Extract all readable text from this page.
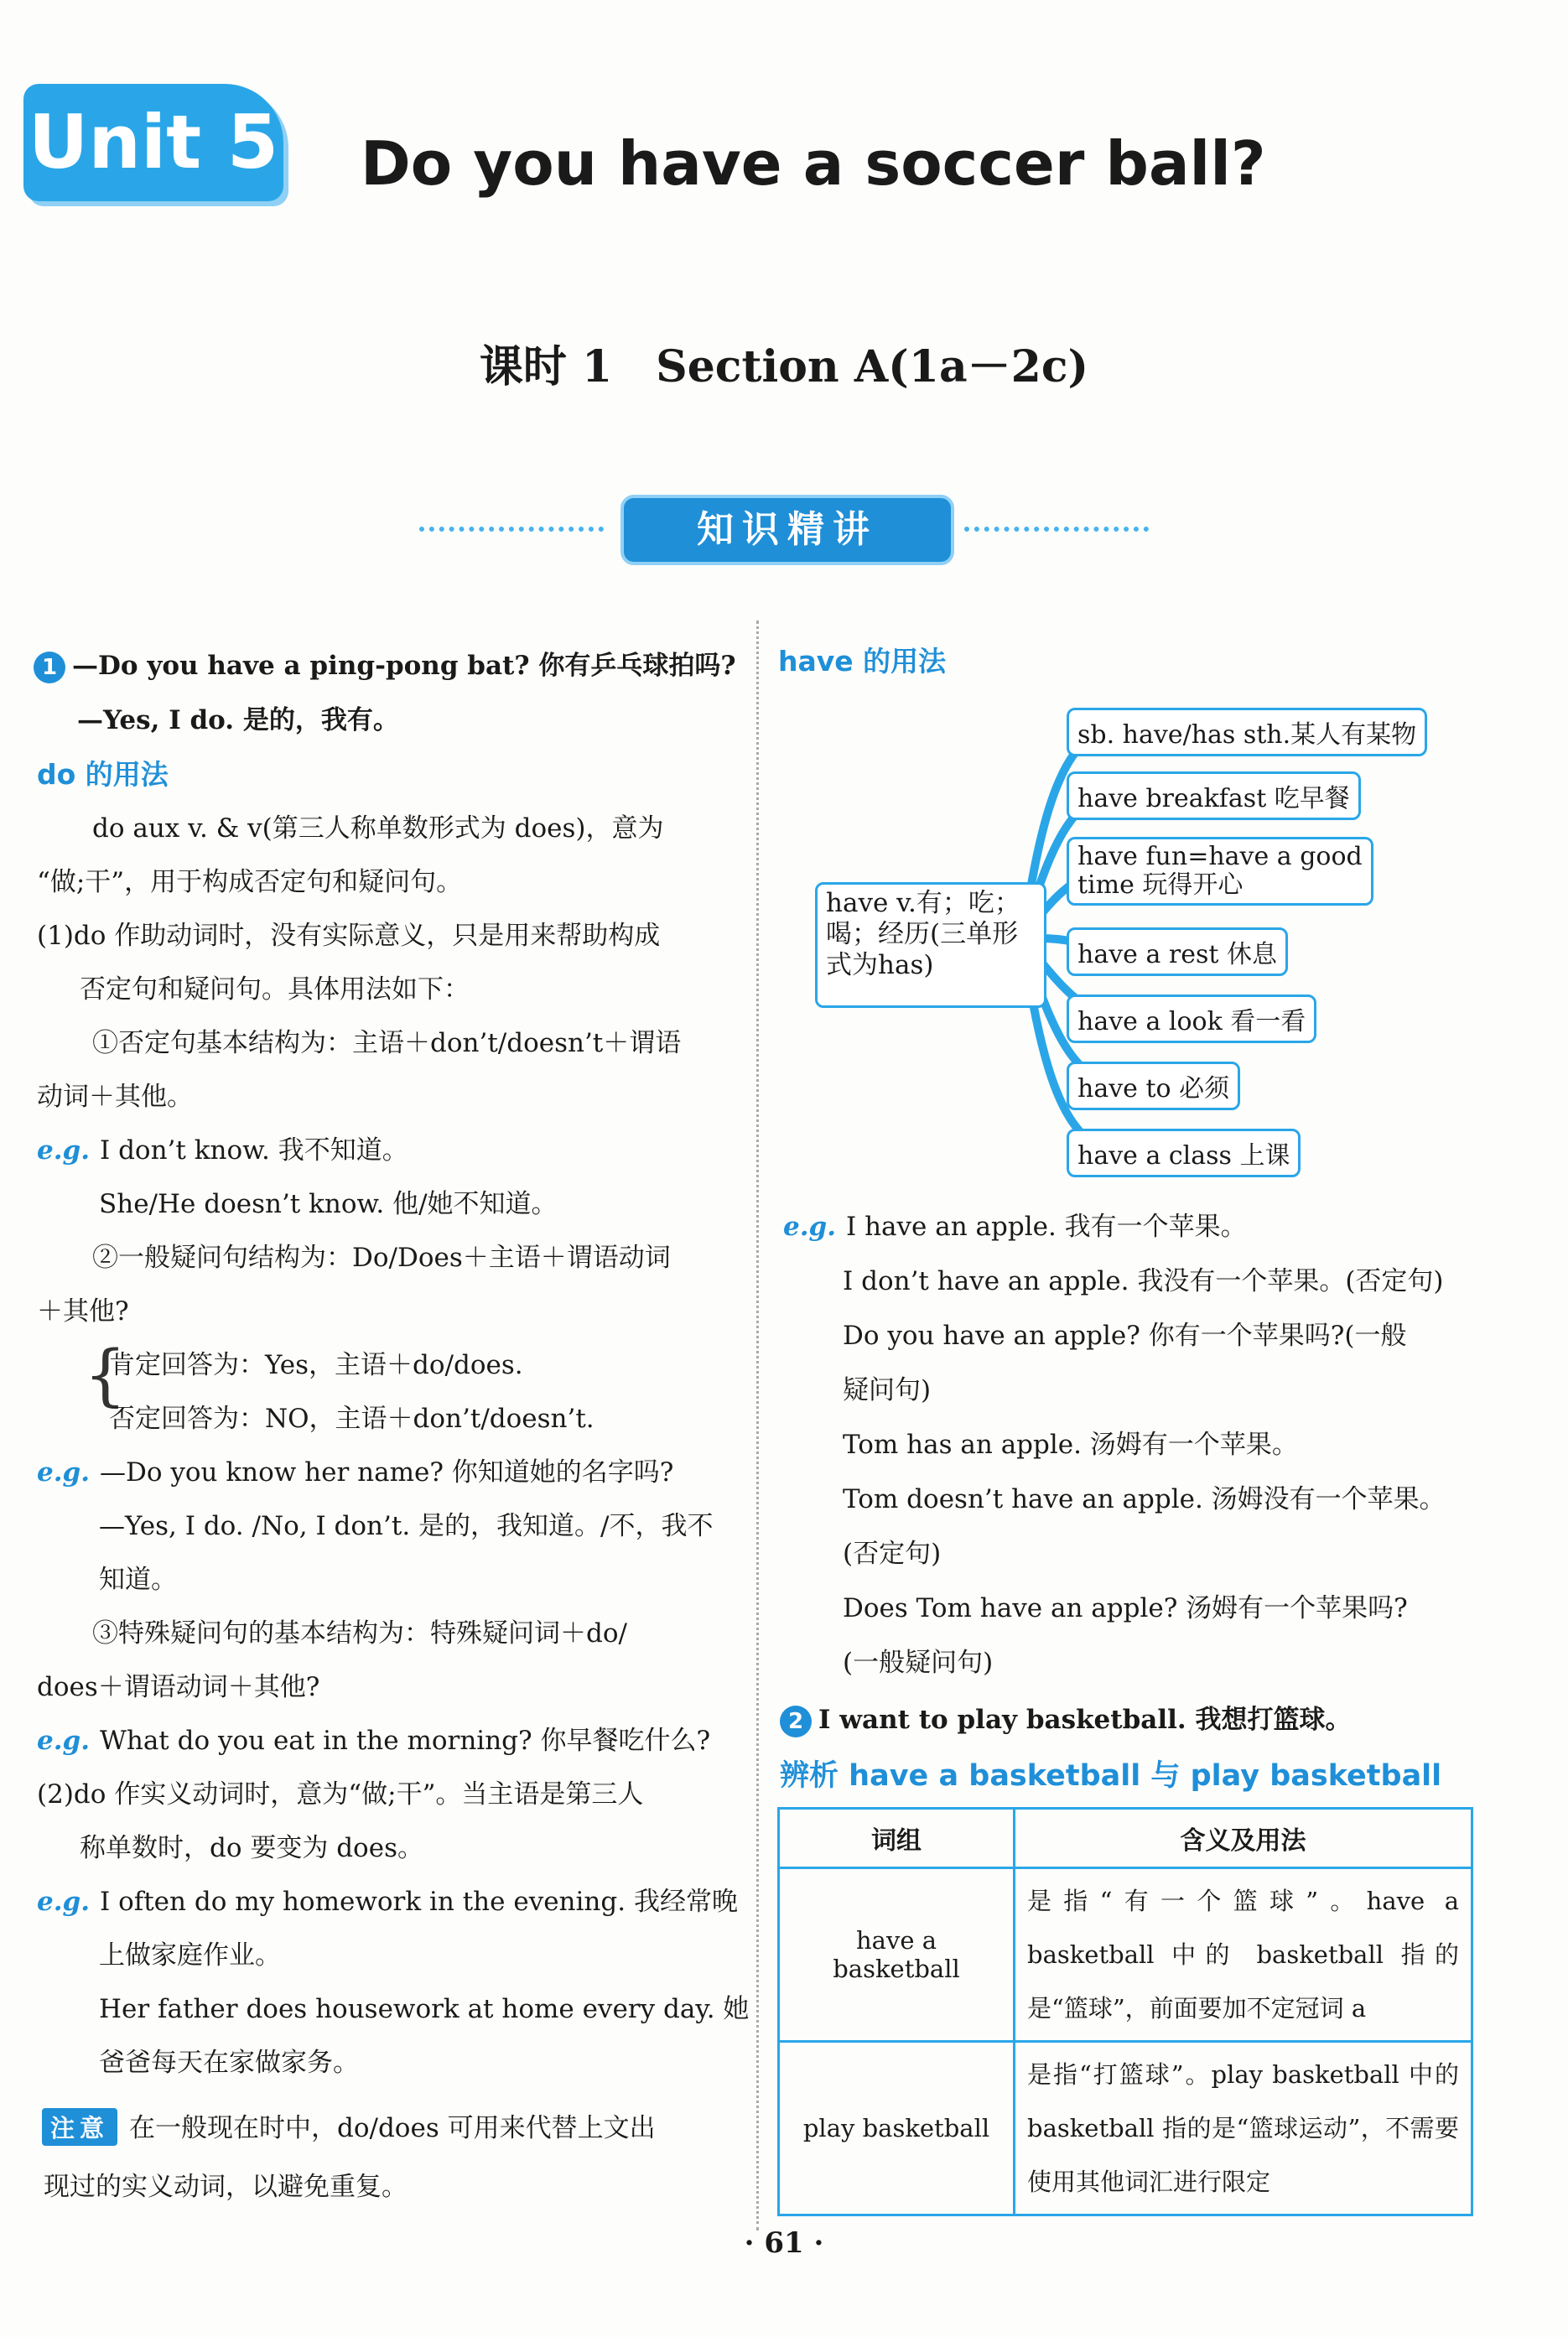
Unit 5 Do you have a soccer ball?
课时 1　Section A(1a－2c)
知识精讲
1 —Do you have a ping-pong bat? 你有乒乓球拍吗?
—Yes, I do. 是的，我有。
do 的用法
do aux v. & v(第三人称单数形式为 does)，意为
“做;干”，用于构成否定句和疑问句。
(1)do 作助动词时，没有实际意义，只是用来帮助构成
否定句和疑问句。具体用法如下：
①否定句基本结构为：主语＋don’t/doesn’t＋谓语
动词＋其他。
e.g. I don’t know. 我不知道。
She/He doesn’t know. 他/她不知道。
②一般疑问句结构为：Do/Does＋主语＋谓语动词
＋其他?
{
肯定回答为：Yes，主语＋do/does.
否定回答为：NO，主语＋don’t/doesn’t.
e.g. —Do you know her name? 你知道她的名字吗?
—Yes, I do. /No, I don’t. 是的，我知道。/不，我不
知道。
③特殊疑问句的基本结构为：特殊疑问词＋do/
does＋谓语动词＋其他?
e.g. What do you eat in the morning? 你早餐吃什么?
(2)do 作实义动词时，意为“做;干”。当主语是第三人
称单数时，do 要变为 does。
e.g. I often do my homework in the evening. 我经常晚
上做家庭作业。
Her father does housework at home every day. 她
爸爸每天在家做家务。
注意 在一般现在时中，do/does 可用来代替上文出
现过的实义动词，以避免重复。
have 的用法
have v.有；吃；喝；经历(三单形式为has)
sb. have/has sth.某人有某物
have breakfast 吃早餐
have fun=have a good time 玩得开心
have a rest 休息
have a look 看一看
have to 必须
have a class 上课
e.g. I have an apple. 我有一个苹果。
I don’t have an apple. 我没有一个苹果。(否定句)
Do you have an apple? 你有一个苹果吗?(一般
疑问句)
Tom has an apple. 汤姆有一个苹果。
Tom doesn’t have an apple. 汤姆没有一个苹果。
(否定句)
Does Tom have an apple? 汤姆有一个苹果吗?
(一般疑问句)
2 I want to play basketball. 我想打篮球。
辨析 have a basketball 与 play basketball
词组	含义及用法
have a basketball	是指“有一个篮球”。have a basketball 中的 basketball 指的是“篮球”，前面要加不定冠词 a
play basketball	是指“打篮球”。play basketball 中的 basketball 指的是“篮球运动”，不需要使用其他词汇进行限定
· 61 ·
